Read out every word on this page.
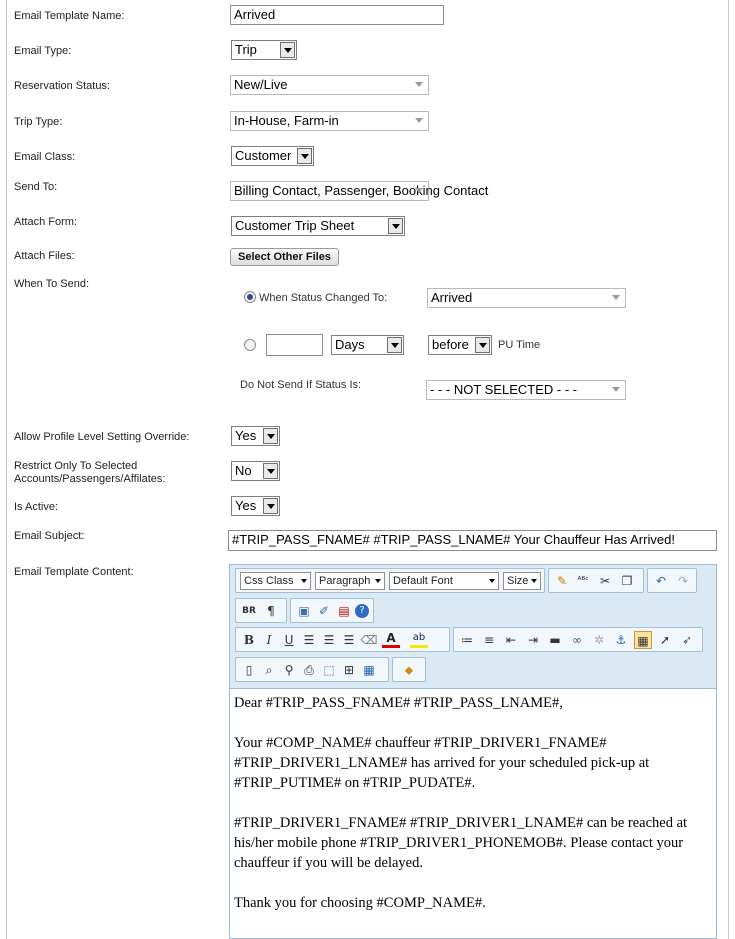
Email Template Name:
Email Type:
Reservation Status:
Trip Type:
Email Class:
Send To:
Attach Form:
Attach Files:
When To Send:
Allow Profile Level Setting Override:
Restrict Only To Selected
Accounts/Passengers/Affilates:
Is Active:
Email Subject:
Email Template Content:
Arrived
Trip
New/Live
In-House, Farm-in
Customer
Billing Contact, Passenger, Booking Contact
Customer Trip Sheet
Select Other Files
When Status Changed To:	Arrived
Days	before	PU Time
Do Not Send If Status Is:	- - - NOT SELECTED - - -
Yes
No
Yes
#TRIP_PASS_FNAME# #TRIP_PASS_LNAME# Your Chauffeur Has Arrived!
Css Class	Paragraph	Default Font	Size	✎	ᴬᴮᶜ ✂ ❐	↶ ↷
BR ¶	▣ ✐ ▤ ?
B	I	U ☰ ☰ ☰ ⌫ A	ab	≔ ≡ ⇤ ⇥ ▬ ∞ ✲ ⚓ ▦ ➚ ➶
▯	⌕	⚲ ⎙ ⬚ ⊞ ▦	⬥

Dear #TRIP_PASS_FNAME# #TRIP_PASS_LNAME#,

Your #COMP_NAME# chauffeur #TRIP_DRIVER1_FNAME# #TRIP_DRIVER1_LNAME# has arrived for your scheduled pick-up at #TRIP_PUTIME# on #TRIP_PUDATE#.

#TRIP_DRIVER1_FNAME# #TRIP_DRIVER1_LNAME# can be reached at his/her mobile phone #TRIP_DRIVER1_PHONEMOB#. Please contact your chauffeur if you will be delayed.

Thank you for choosing #COMP_NAME#.
